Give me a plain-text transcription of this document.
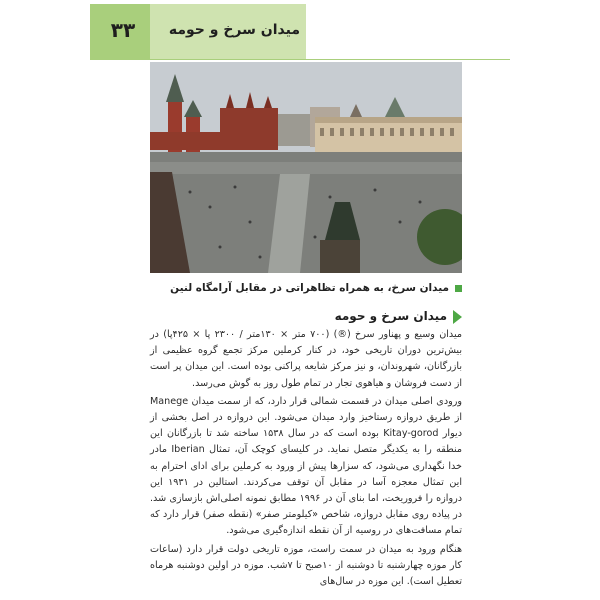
۳۳	میدان سرخ و حومه
میدان سرخ، به همراه تظاهراتی در مقابل آرامگاه لنین
میدان سرخ و حومه

میدان وسیع و پهناور سرخ (®) (۷۰۰ متر × ۱۳۰متر / ۲۳۰۰ پا × ۴۲۵پا) در بیش‌ترین دوران تاریخی خود، در کنار کرملین مرکز تجمع گروه عظیمی از بازرگانان، شهروندان، و نیز مرکز شایعه پراکنی بوده است. این میدان پر است از دست فروشان و هیاهوی تجار در تمام طول روز به گوش می‌رسد.

ورودی اصلی میدان در قسمت شمالی قرار دارد، که از سمت میدان Manege از طریق دروازه رستاخیز وارد میدان می‌شود. این دروازه در اصل بخشی از دیوار Kitay-gorod بوده است که در سال ۱۵۳۸ ساخته شد تا بازرگانان این منطقه را به یکدیگر متصل نماید. در کلیسای کوچک آن، تمثال Iberian مادر خدا نگهداری می‌شود، که سزارها پیش از ورود به کرملین برای ادای احترام به این تمثال معجزه آسا در مقابل آن توقف می‌کردند. استالین در ۱۹۳۱ این دروازه را فروریخت، اما بنای آن در ۱۹۹۶ مطابق نمونه اصلی‌اش بازسازی شد. در پیاده روی مقابل دروازه، شاخص «کیلومتر صفر» (نقطه صفر) قرار دارد که تمام مسافت‌های در روسیه از آن نقطه اندازه‌گیری می‌شود.

هنگام ورود به میدان در سمت راست، موزه تاریخی دولت قرار دارد (ساعات کار موزه چهارشنبه تا دوشنبه از ۱۰صبح تا ۷شب. موزه در اولین دوشنبه هرماه تعطیل است). این موزه در سال‌های
